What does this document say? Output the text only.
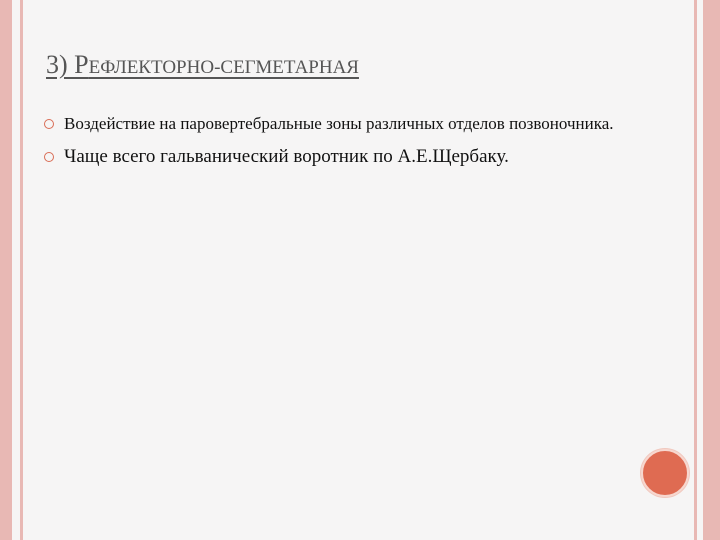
3) РЕФЛЕКТОРНО-СЕГМЕТАРНАЯ
Воздействие на паровертебральные зоны различных отделов позвоночника.
Чаще всего гальванический воротник по А.Е.Щербаку.
